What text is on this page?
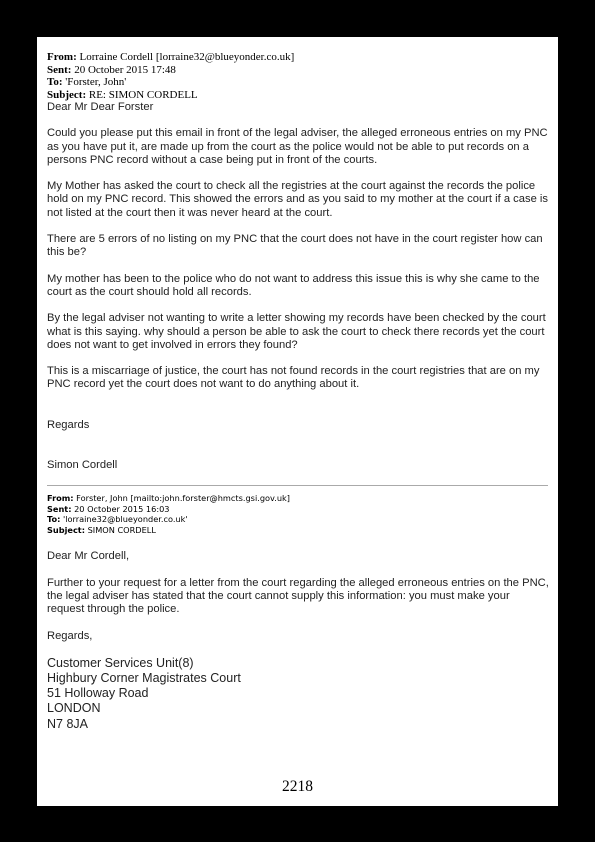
From: Lorraine Cordell [lorraine32@blueyonder.co.uk]
Sent: 20 October 2015 17:48
To: 'Forster, John'
Subject: RE: SIMON CORDELL
Dear Mr Dear Forster

Could you please put this email in front of the legal adviser, the alleged erroneous entries on my PNC as you have put it, are made up from the court as the police would not be able to put records on a persons PNC record without a case being put in front of the courts.

My Mother has asked the court to check all the registries at the court against the records the police hold on my PNC record. This showed the errors and as you said to my mother at the court if a case is not listed at the court then it was never heard at the court.

There are 5 errors of no listing on my PNC that the court does not have in the court register how can this be?

My mother has been to the police who do not want to address this issue this is why she came to the court as the court should hold all records.

By the legal adviser not wanting to write a letter showing my records have been checked by the court what is this saying. why should a person be able to ask the court to check there records yet the court does not want to get involved in errors they found?

This is a miscarriage of justice, the court has not found records in the court registries that are on my PNC record yet the court does not want to do anything about it.

Regards
Simon Cordell
From: Forster, John [mailto:john.forster@hmcts.gsi.gov.uk]
Sent: 20 October 2015 16:03
To: 'lorraine32@blueyonder.co.uk'
Subject: SIMON CORDELL
Dear Mr Cordell,

Further to your request for a letter from the court regarding the alleged erroneous entries on the PNC, the legal adviser has stated that the court cannot supply this information: you must make your request through the police.

Regards,
Customer Services Unit(8)
Highbury Corner Magistrates Court
51 Holloway Road
LONDON
N7 8JA
2218
